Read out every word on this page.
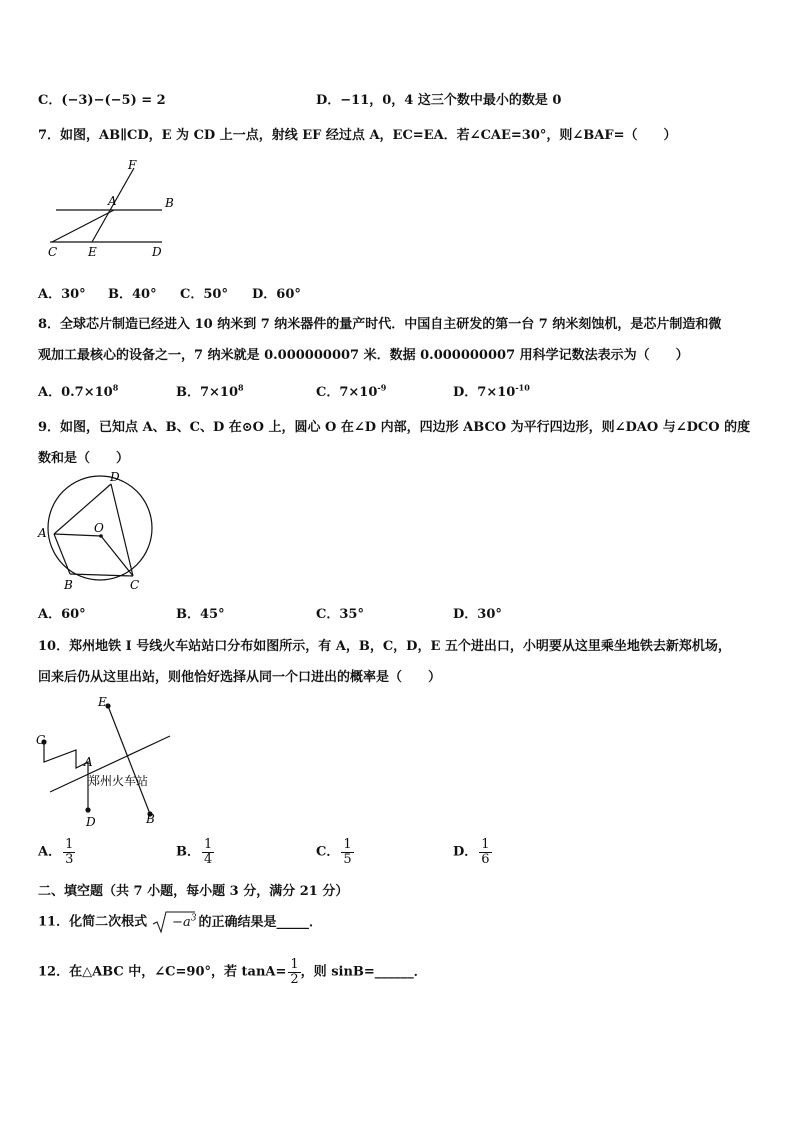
C．(−3)−(−5) = 2	D．−11，0，4 这三个数中最小的数是 0
7．如图，AB∥CD，E 为 CD 上一点，射线 EF 经过点 A，EC=EA．若∠CAE=30°，则∠BAF=（　　）
F
A	B
C	E	D
A．30° B．40° C．50° D．60°
8．全球芯片制造已经进入 10 纳米到 7 纳米器件的量产时代．中国自主研发的第一台 7 纳米刻蚀机，是芯片制造和微
观加工最核心的设备之一，7 纳米就是 0.000000007 米．数据 0.000000007 用科学记数法表示为（　　）
A．$0.7\times 10^8$	B．$7\times 10^8$	C．$7\times 10^{-9}$	D．$7\times 10^{-10}$
9．如图，已知点 A、B、C、D 在⊙O 上，圆心 O 在∠D 内部，四边形 ABCO 为平行四边形，则∠DAO 与∠DCO 的度
数和是（　　）
D
O
A
B	C
A．60°	B．45°	C．35°	D．30°
10．郑州地铁 I 号线火车站站口分布如图所示，有 A，B，C，D，E 五个进出口，小明要从这里乘坐地铁去新郑机场，
回来后仍从这里出站，则他恰好选择从同一个口进出的概率是（　　）
E
C
A
郑州火车站
D	B
A． $\frac{1}{3}$	B． $\frac{1}{4}$	C． $\frac{1}{5}$	D． $\frac{1}{6}$
二、填空题（共 7 小题，每小题 3 分，满分 21 分）
11．化简二次根式 $-a^3$ 的正确结果是_____．
12．在△ABC 中，∠C=90°，若 $\tan A= \frac{1}{2}$ ，则 sinB=______．
